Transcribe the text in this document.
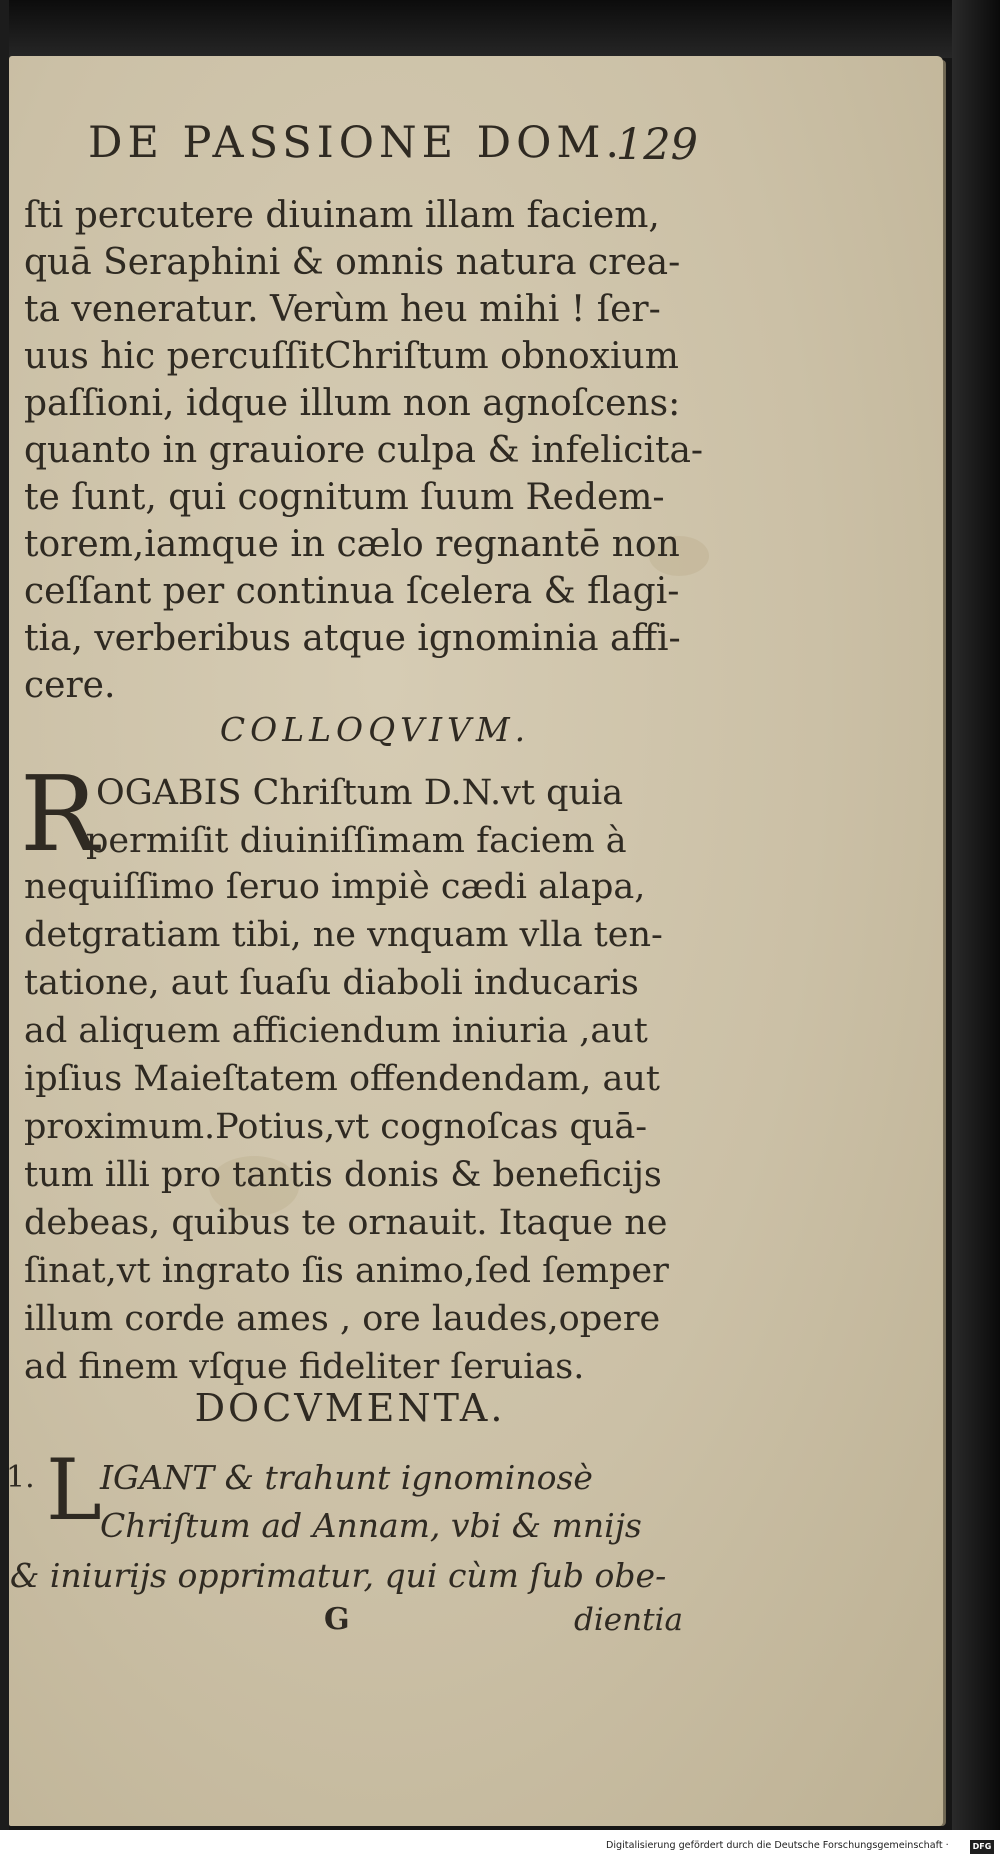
DE PASSIONE DOM.
129
ſti percutere diuinam illam faciem,
quā Seraphini & omnis natura crea-
ta veneratur. Verùm heu mihi ! ſer-
uus hic percuſſitChriſtum obnoxium
paſſioni, idque illum non agnoſcens:
quanto in grauiore culpa & infelicita-
te ſunt, qui cognitum ſuum Redem-
torem,iamque in cælo regnantē non
ceſſant per continua ſcelera & flagi-
tia, verberibus atque ignominia affi-
cere.
COLLOQVIVM.
R
OGABIS Chriſtum D.N.vt quia
permiſit diuiniſſimam faciem à
nequiſſimo ſeruo impiè cædi alapa,
detgratiam tibi, ne vnquam vlla ten-
tatione, aut ſuaſu diaboli inducaris
ad aliquem afficiendum iniuria ,aut
ipſius Maieſtatem offendendam, aut
proximum.Potius,vt cognoſcas quā-
tum illi pro tantis donis & beneficijs
debeas, quibus te ornauit. Itaque ne
ſinat,vt ingrato ſis animo,ſed ſemper
illum corde ames , ore laudes,opere
ad finem vſque fideliter ſeruias.
DOCVMENTA.
1. L
IGANT & trahunt ignominosè
Chriſtum ad Annam, vbi & mnijs
& iniurijs opprimatur, qui cùm ſub obe-
G	dientia
Digitalisierung gefördert durch die Deutsche Forschungsgemeinschaft ·	DFG
